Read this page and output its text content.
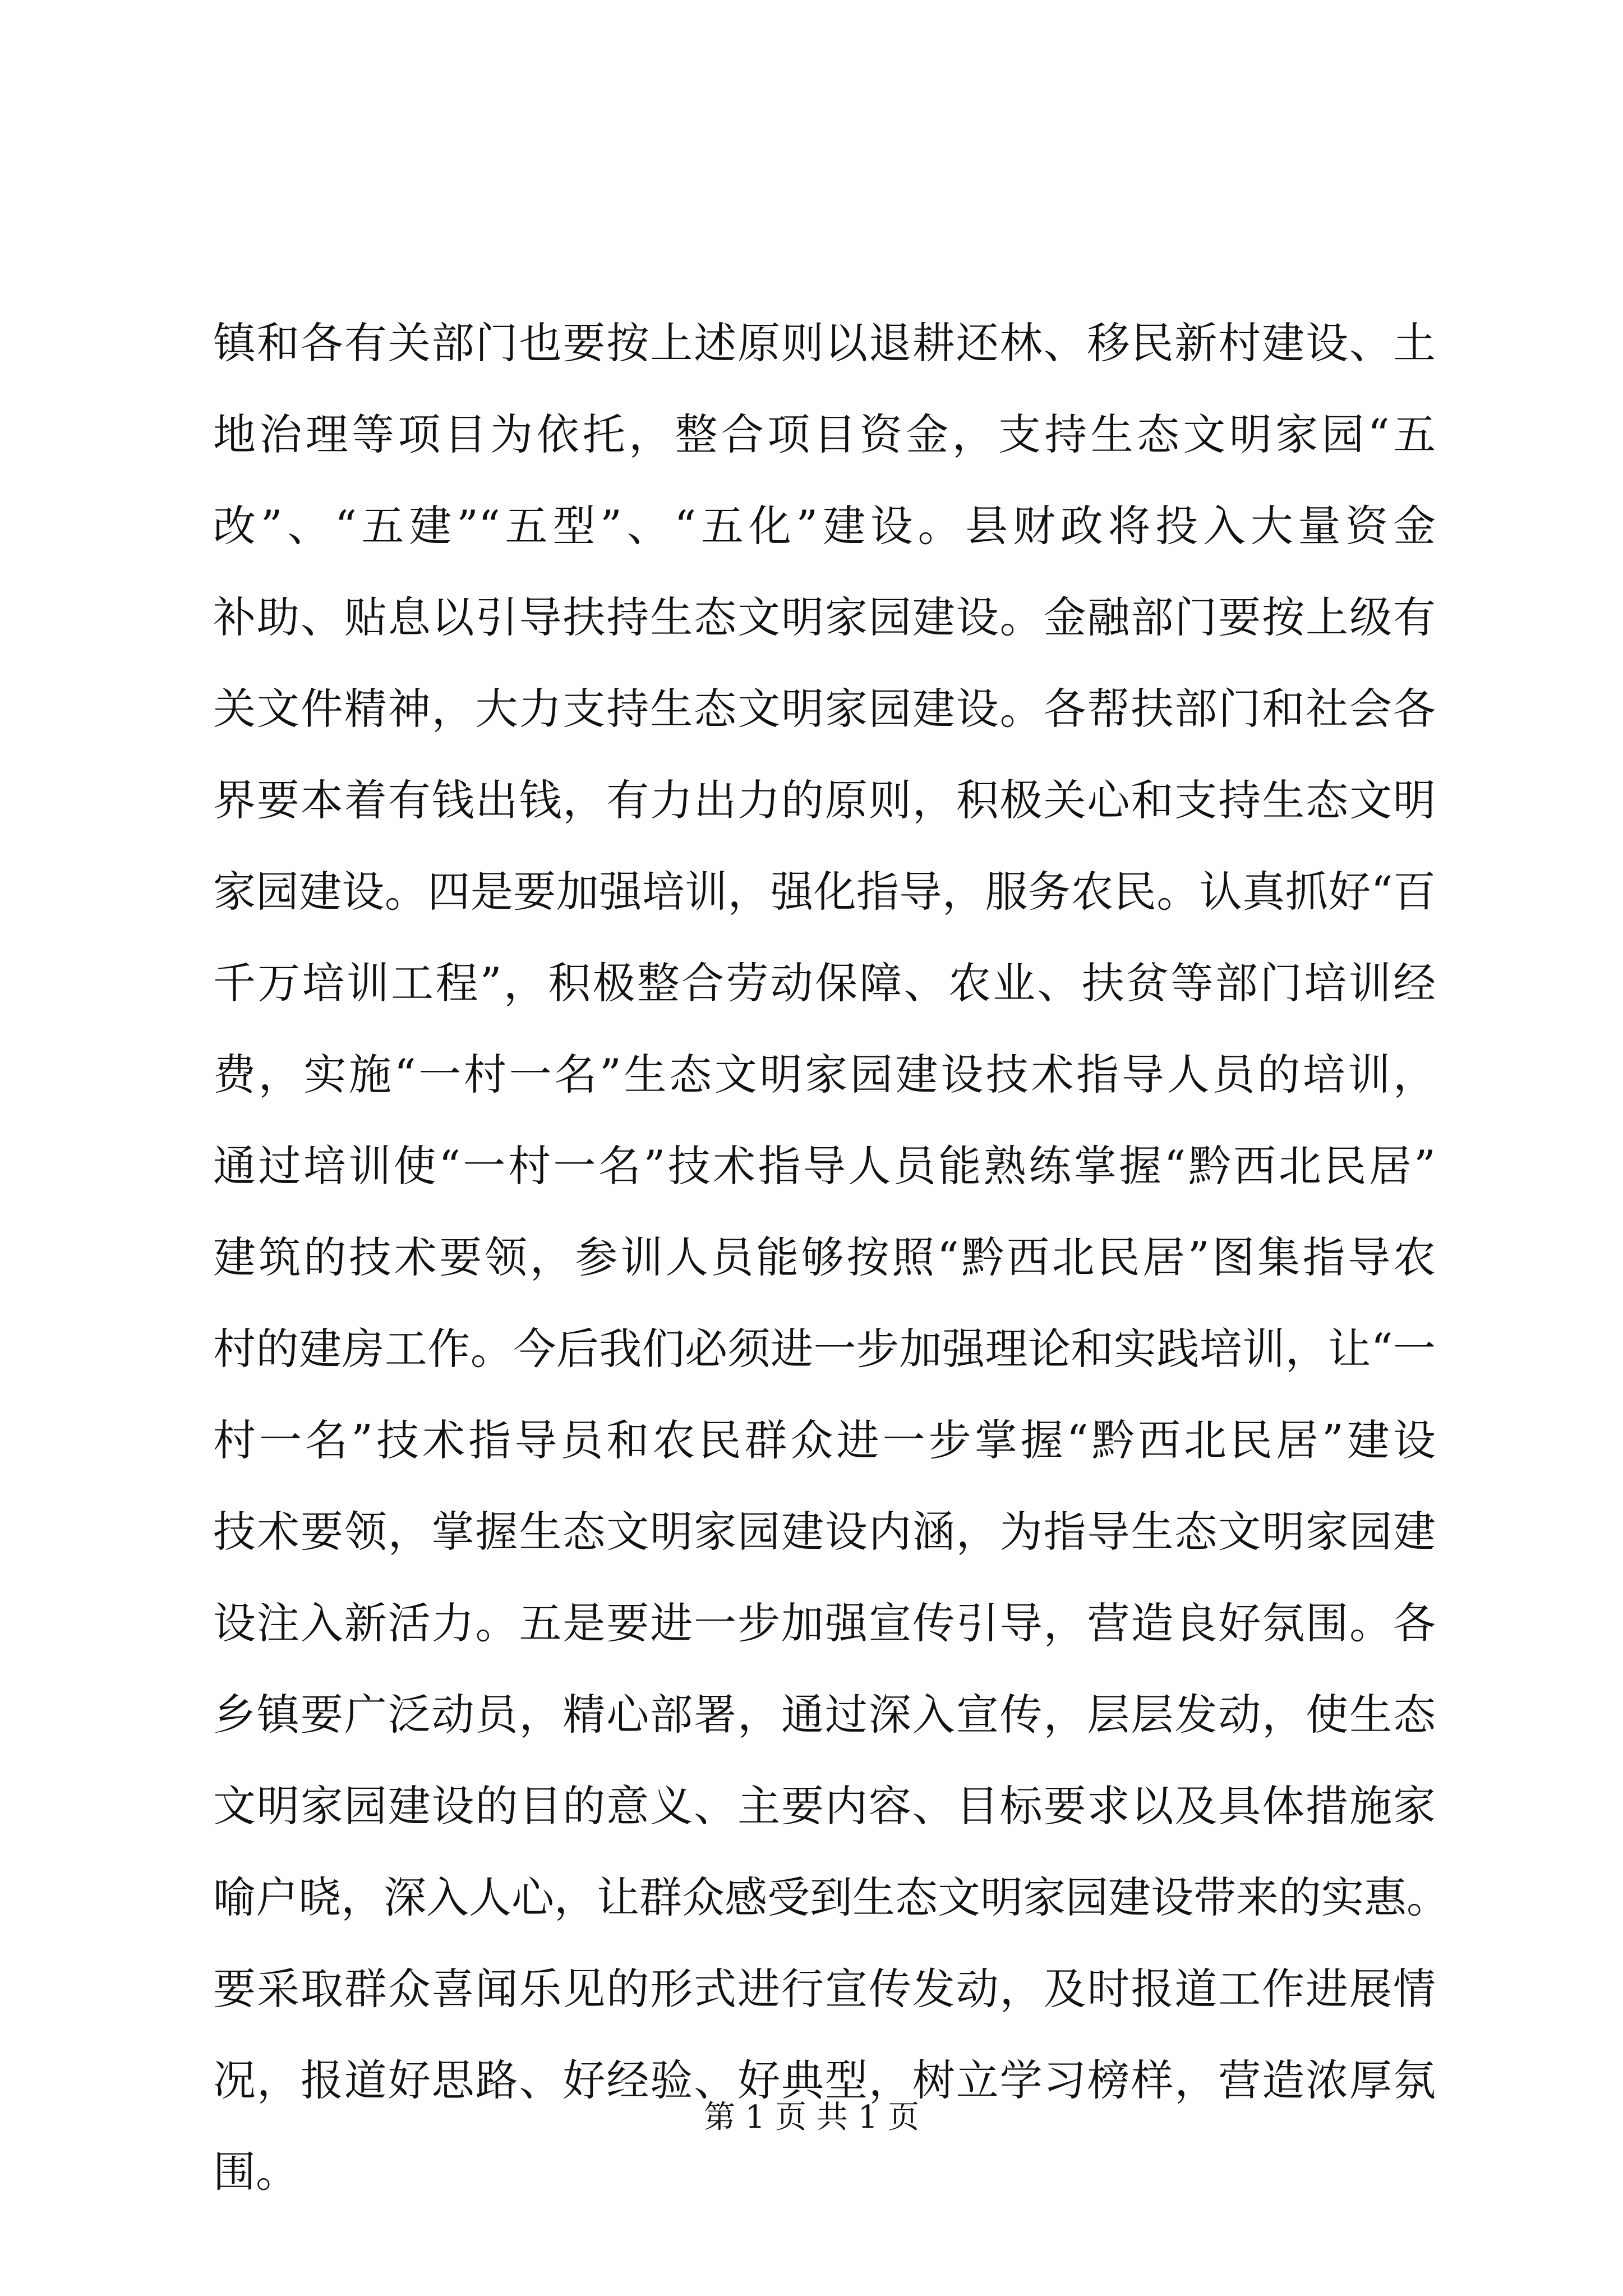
镇和各有关部门也要按上述原则以退耕还林、移民新村建设、土
地治理等项目为依托，整合项目资金，支持生态文明家园“五
改”、“五建”“五型”、“五化”建设。县财政将投入大量资金
补助、贴息以引导扶持生态文明家园建设。金融部门要按上级有
关文件精神，大力支持生态文明家园建设。各帮扶部门和社会各
界要本着有钱出钱，有力出力的原则，积极关心和支持生态文明
家园建设。四是要加强培训，强化指导，服务农民。认真抓好“百
千万培训工程”，积极整合劳动保障、农业、扶贫等部门培训经
费，实施“一村一名”生态文明家园建设技术指导人员的培训，
通过培训使“一村一名”技术指导人员能熟练掌握“黔西北民居”
建筑的技术要领，参训人员能够按照“黔西北民居”图集指导农
村的建房工作。今后我们必须进一步加强理论和实践培训，让“一
村一名”技术指导员和农民群众进一步掌握“黔西北民居”建设
技术要领，掌握生态文明家园建设内涵，为指导生态文明家园建
设注入新活力。五是要进一步加强宣传引导，营造良好氛围。各
乡镇要广泛动员，精心部署，通过深入宣传，层层发动，使生态
文明家园建设的目的意义、主要内容、目标要求以及具体措施家
喻户晓，深入人心，让群众感受到生态文明家园建设带来的实惠。
要采取群众喜闻乐见的形式进行宣传发动，及时报道工作进展情
况，报道好思路、好经验、好典型，树立学习榜样，营造浓厚氛
围。
第 1 页 共 1 页
